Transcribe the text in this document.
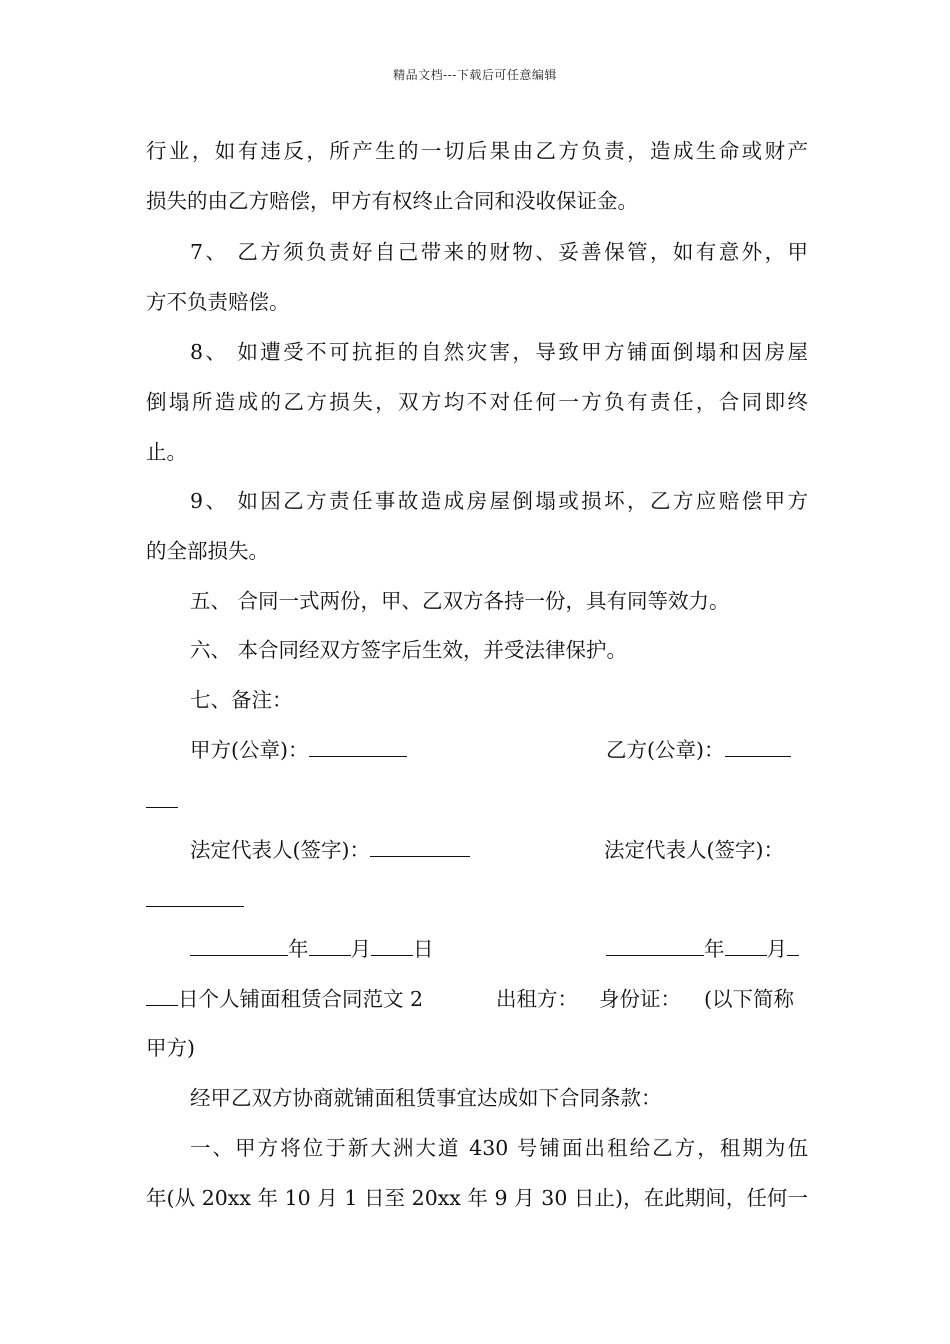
精品文档---下载后可任意编辑
行业，如有违反，所产生的一切后果由乙方负责，造成生命或财产
损失的由乙方赔偿，甲方有权终止合同和没收保证金。
7、 乙方须负责好自己带来的财物、妥善保管，如有意外，甲
方不负责赔偿。
8、 如遭受不可抗拒的自然灾害，导致甲方铺面倒塌和因房屋
倒塌所造成的乙方损失，双方均不对任何一方负有责任，合同即终
止。
9、 如因乙方责任事故造成房屋倒塌或损坏，乙方应赔偿甲方
的全部损失。
五、 合同一式两份，甲、乙双方各持一份，具有同等效力。
六、 本合同经双方签字后生效，并受法律保护。
七、备注：
甲方(公章)：	乙方(公章)：
法定代表人(签字)：	法定代表人(签字)：
年 月 日	年 月
日个人铺面租赁合同范文 2	出租方： 身份证： (以下简称
甲方)
经甲乙双方协商就铺面租赁事宜达成如下合同条款：
一、甲方将位于新大洲大道 430 号铺面出租给乙方，租期为伍
年(从 20xx 年 10 月 1 日至 20xx 年 9 月 30 日止)，在此期间，任何一
